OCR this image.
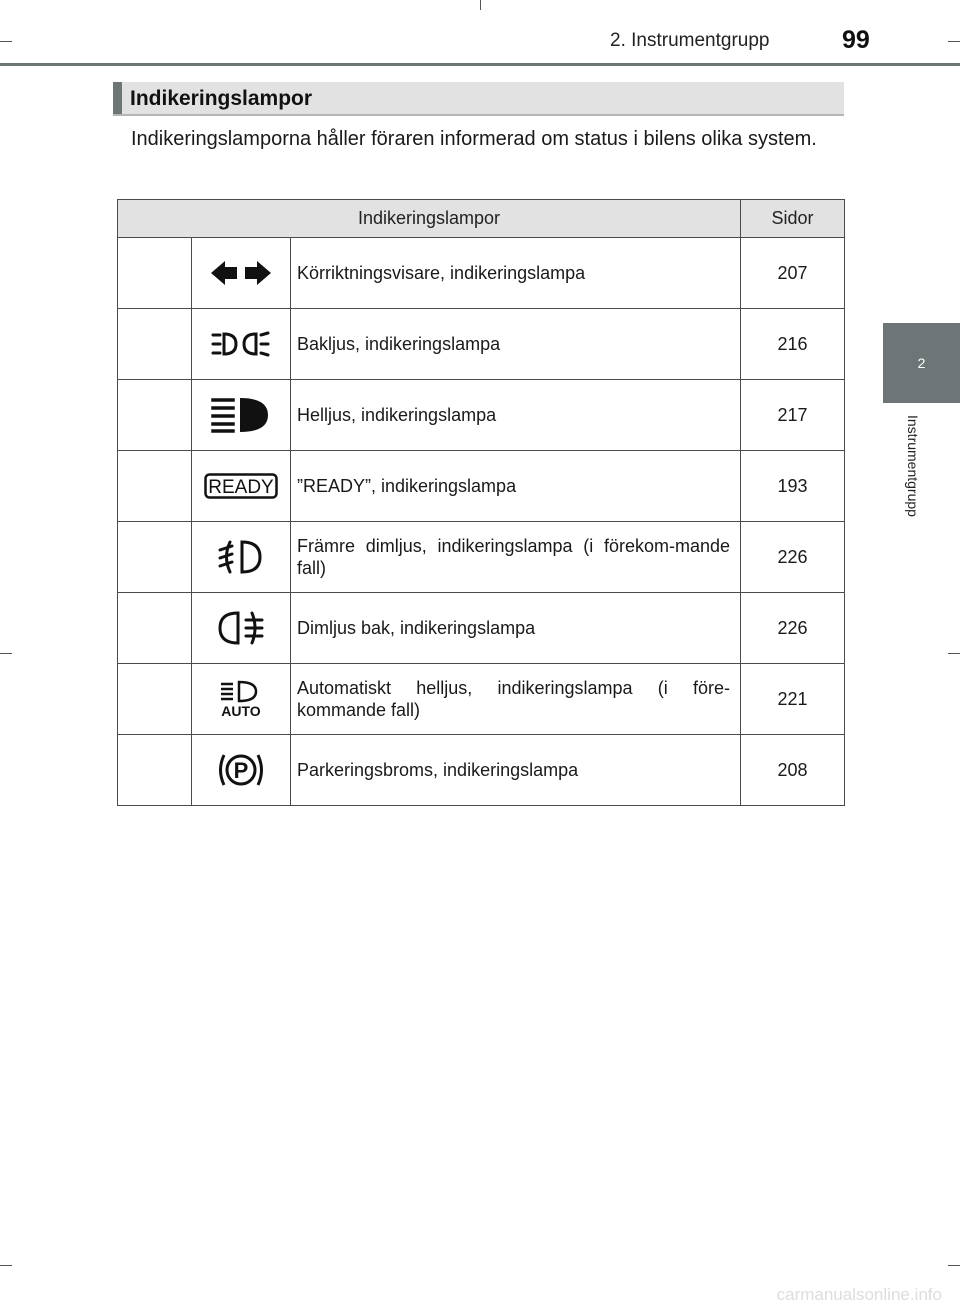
2. Instrumentgrupp	99
2
Instrumentgrupp
Indikeringslampor
Indikeringslamporna håller föraren informerad om status i bilens olika system.
Indikeringslampor			Sidor

	Körriktningsvisare, indikeringslampa	207

	Bakljus, indikeringslampa	216

	Helljus, indikeringslampa	217

READY	”READY”, indikeringslampa	193

	Främre dimljus, indikeringslampa (i förekom-mande fall)	226

	Dimljus bak, indikeringslampa	226

AUTO	Automatiskt helljus, indikeringslampa (i före-kommande fall)	221

P	Parkeringsbroms, indikeringslampa	208
carmanualsonline.info
